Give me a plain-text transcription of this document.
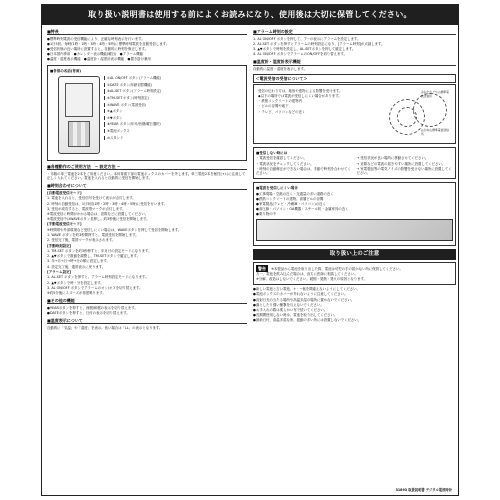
取り扱い説明書は使用する前によくお読みになり、使用後は大切に保管してください。
■特長
●標準時刻電波の受信機能により、正確な時刻表示を行います。
●1日5回、毎時(1時・2時・3時・4時・5時)に標準時刻電波を自動受信します。
●受信状態の良い場所に設置すると、自動的に時刻を修正します。
●日本国内専用　●カレンダー表示機能(曜日)　●アラーム機能
●温度・湿度表示機能　●温度計・湿度計表示機能　●置き掛け兼用
■各部の名前(背面)
①AL ON/OFF ボタン(アラーム機能)
②DATE ボタン(年齢切替機能)
③AL-SET ボタン(アラーム時刻設定)
④TM-SET ボタン(時刻設定)
⑤WAVE ボタン(電波受信)
⑥▲ボタン
⑦▼ボタン
⑧YEAR ボタン(年号/西暦/曜日選択)
⑨電池ボックス
⑩スタンド
■各種動作のご使用方法　~ 設定方法 ~
・市販の単三電池を2本をご用意ください。本体背面下部の電池ボックスのカバーを外します。単三電池2本を極性(+/-)に注意して正しく入れてください。電池を入れると自動的に受信を開始します。
■時刻合わせについて
[自動電波受信モード]
1. 電池を入れると、受信信号を受けて表示が点灯します。
2. 時刻の自動受信は、1日5回(1時・2時・3時・4時・5時)に受信を行います。
3. 受信が成功すると、電波塔マークが点灯します。
※電波受信に時間がかかる場合は、窓際などに設置してください。
※電波受信中はWAVEボタン長押し。約3秒後に受信を開始します。
[手動電波受信モード]
※時間帯や外部環境など受信しにくい場合は、WAVEボタンを押して受信を開始します。
1. WAVE ボタンを約3秒間押すと、電波受信を開始します。
2. 受信完了後、電波マークが表示されます。
[手動時刻設定]
1. TM-SET ボタンを約3秒押すと、年月日の設定モードになります。
2. ▲▼ボタンで数値を調整し、TM-SETボタンで確定します。
3. 年→月→日→時→分の順に設定します。
4. 設定完了後、通常表示に戻ります。
[アラーム設定]
1. AL-SET ボタンを押すと、アラーム時刻設定モードになります。
2. ▲▼ボタンで時・分を設定します。
3. AL ON/OFF ボタンでアラームのオン/オフを切り替えます。
※約5分後にスヌーズが再度鳴ります。
■その他の機能
●YEARボタンを押すと、西暦/和暦の表示を切り替えます。
●DATEボタンを押すと、日付の表示を切り替えます。
■温度表示について
自動的に「気温」や「湿度」を表示。低い場合は「LL」の表示となります。
■アラーム時刻の設定
1. AL ON/OFF ボタンを押して、ア~の表示にアラームを設定します。
2. AL-SET ボタンを押すとアラームの時刻設定になり、[アラーム時刻]が点滅します。
3. ▲▼ボタンで時刻を設定し、AL-SETボタンを押して確定します。
4. AL ON/OFF ボタンでアラームのON/OFFを切り替えます。
■温度計・湿度計表示機能
自動的に温度・湿度を表示します。
＜電波受信の受信について＞
受信の伝わり方は、地形や建物による影響を受けます。
◆以下の場所では電波が受信しにくい場合があります。
・鉄筋コンクリートの建物内
・ビルの谷間や地下
・テレビ、パソコンなどの近く
おおたかどや山標準電波送信所
はがね山標準電波送信所
■受信しない時には
・電波受信を確認してください。
・電波状況をチェックしてください。
・時刻の自動修正ができない場合は、手動で時刻を合わせてください。
→ 受信状況が良い場所に移動させてください。
→ 窓際などの電波の届きやすい場所に設置してください。
→ 家電製品等の電気ノイズの影響を受けない場所に設置してください。
■電波を受信しにくい場合
●工事現場・空港の近く・交通量の多い道路の近く
●鉄筋コンクリートの建物、高層ビルの谷間
●家電製品(テレビ・冷蔵庫・パソコン)の近く
●高圧線・パソコン・OA機器・スチール机・金属家具の近く
●乗り物の中
取り扱い上のご注意
警告 ※本製品から電池を取り出した際、電池は幼児の手の届かない所に保管してください。
万一、電池を飲み込んだ場合は、直ちに医師に相談してください。
※分解、改造はしないでください。破損・発熱・発火の原因となります。
●新しい電池と古い電池、+・−極を間違えないようにしてください。
●電池ボックスのカバーが外れないように注意してください。
●直射日光の当たる場所や高温多湿の場所に置かないでください。
●落としたり強い衝撃を与えないでください。
●お手入れの際は柔らかい布で拭いてください。
●長期間使用しない時は、電池を取り出してください。
●最新日付、高温多湿な所、振動の多い所には設置しないでください。
31893 取扱説明書 デジタル電波時計
